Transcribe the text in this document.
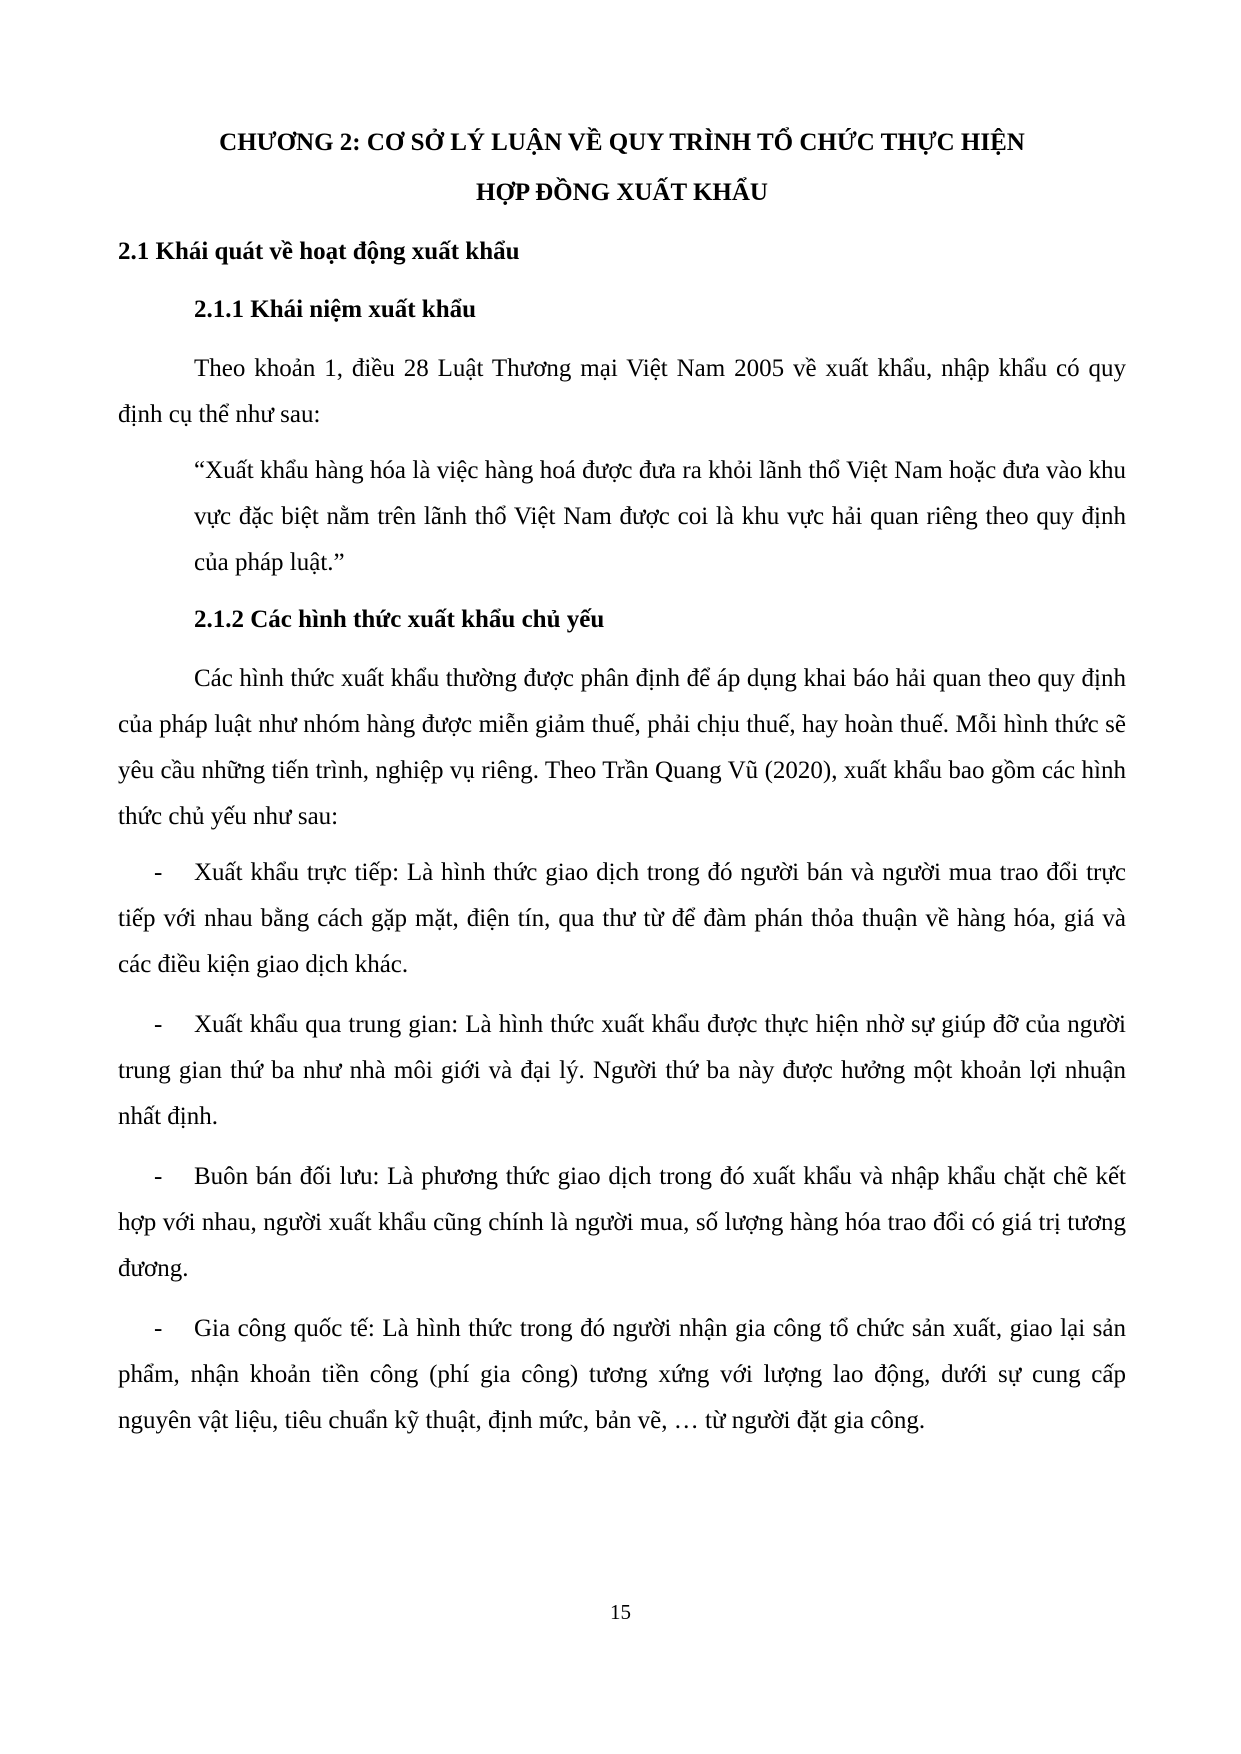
CHƯƠNG 2: CƠ SỞ LÝ LUẬN VỀ QUY TRÌNH TỔ CHỨC THỰC HIỆN
HỢP ĐỒNG XUẤT KHẨU
2.1 Khái quát về hoạt động xuất khẩu
2.1.1 Khái niệm xuất khẩu

Theo khoản 1, điều 28 Luật Thương mại Việt Nam 2005 về xuất khẩu, nhập khẩu có quy định cụ thể như sau:

“Xuất khẩu hàng hóa là việc hàng hoá được đưa ra khỏi lãnh thổ Việt Nam hoặc đưa vào khu vực đặc biệt nằm trên lãnh thổ Việt Nam được coi là khu vực hải quan riêng theo quy định của pháp luật.”

2.1.2 Các hình thức xuất khẩu chủ yếu

Các hình thức xuất khẩu thường được phân định để áp dụng khai báo hải quan theo quy định của pháp luật như nhóm hàng được miễn giảm thuế, phải chịu thuế, hay hoàn thuế. Mỗi hình thức sẽ yêu cầu những tiến trình, nghiệp vụ riêng. Theo Trần Quang Vũ (2020), xuất khẩu bao gồm các hình thức chủ yếu như sau:

- Xuất khẩu trực tiếp: Là hình thức giao dịch trong đó người bán và người mua trao đổi trực tiếp với nhau bằng cách gặp mặt, điện tín, qua thư từ để đàm phán thỏa thuận về hàng hóa, giá và các điều kiện giao dịch khác.

- Xuất khẩu qua trung gian: Là hình thức xuất khẩu được thực hiện nhờ sự giúp đỡ của người trung gian thứ ba như nhà môi giới và đại lý. Người thứ ba này được hưởng một khoản lợi nhuận nhất định.

- Buôn bán đối lưu: Là phương thức giao dịch trong đó xuất khẩu và nhập khẩu chặt chẽ kết hợp với nhau, người xuất khẩu cũng chính là người mua, số lượng hàng hóa trao đổi có giá trị tương đương.

- Gia công quốc tế: Là hình thức trong đó người nhận gia công tổ chức sản xuất, giao lại sản phẩm, nhận khoản tiền công (phí gia công) tương xứng với lượng lao động, dưới sự cung cấp nguyên vật liệu, tiêu chuẩn kỹ thuật, định mức, bản vẽ, … từ người đặt gia công.

15
